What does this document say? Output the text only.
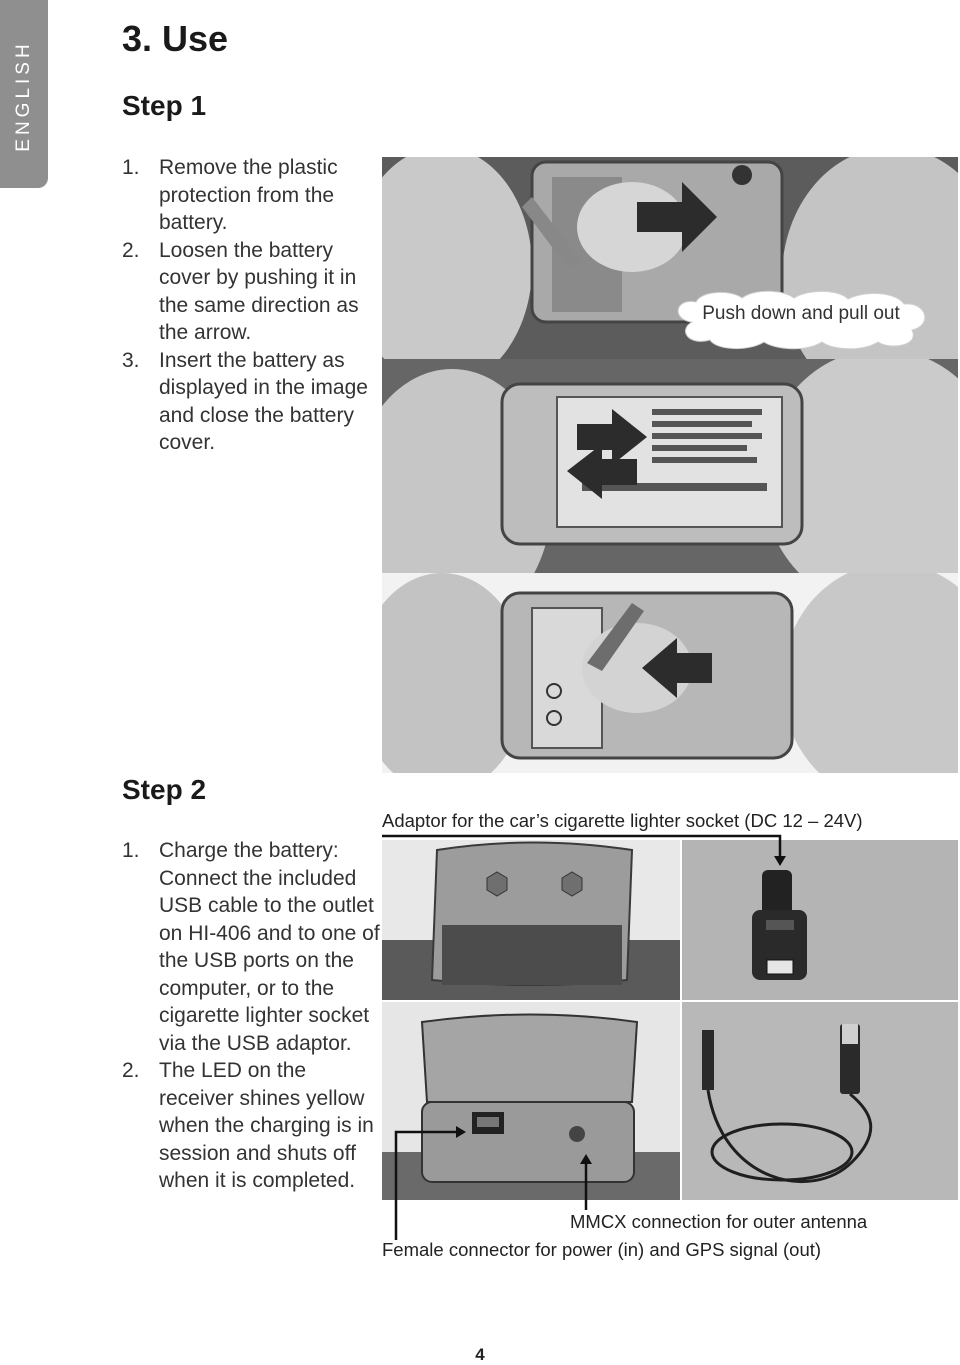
ENGLISH
3. Use
Step 1
1. Remove the plastic protection from the battery.
2. Loosen the battery cover by pushing it in the same direction as the arrow.
3. Insert the battery as displayed in the image and close the battery cover.
Push down and pull out
Step 2
1. Charge the battery: Connect the included USB cable to the outlet on HI-406 and to one of the USB ports on the computer, or to the cigarette lighter socket via the USB adaptor.
2. The LED on the receiver shines yellow when the charging is in session and shuts off when it is completed.
Adaptor for the car’s cigarette lighter socket (DC 12 – 24V)
MMCX connection for outer antenna
Female connector for power (in) and GPS signal (out)
4
